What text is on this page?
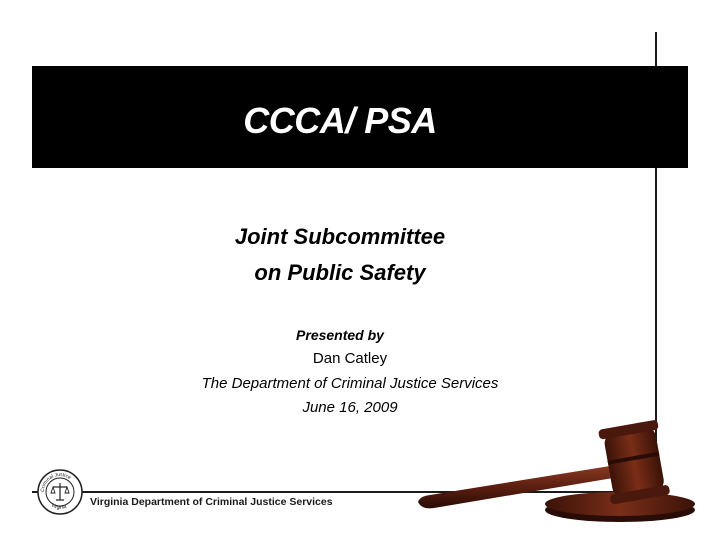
CCCA/ PSA
Joint Subcommittee
on Public Safety
Presented by
Dan Catley
The Department of Criminal Justice Services
June 16, 2009
Criminal Justice
Virginia Virginia Department of Criminal Justice Services
